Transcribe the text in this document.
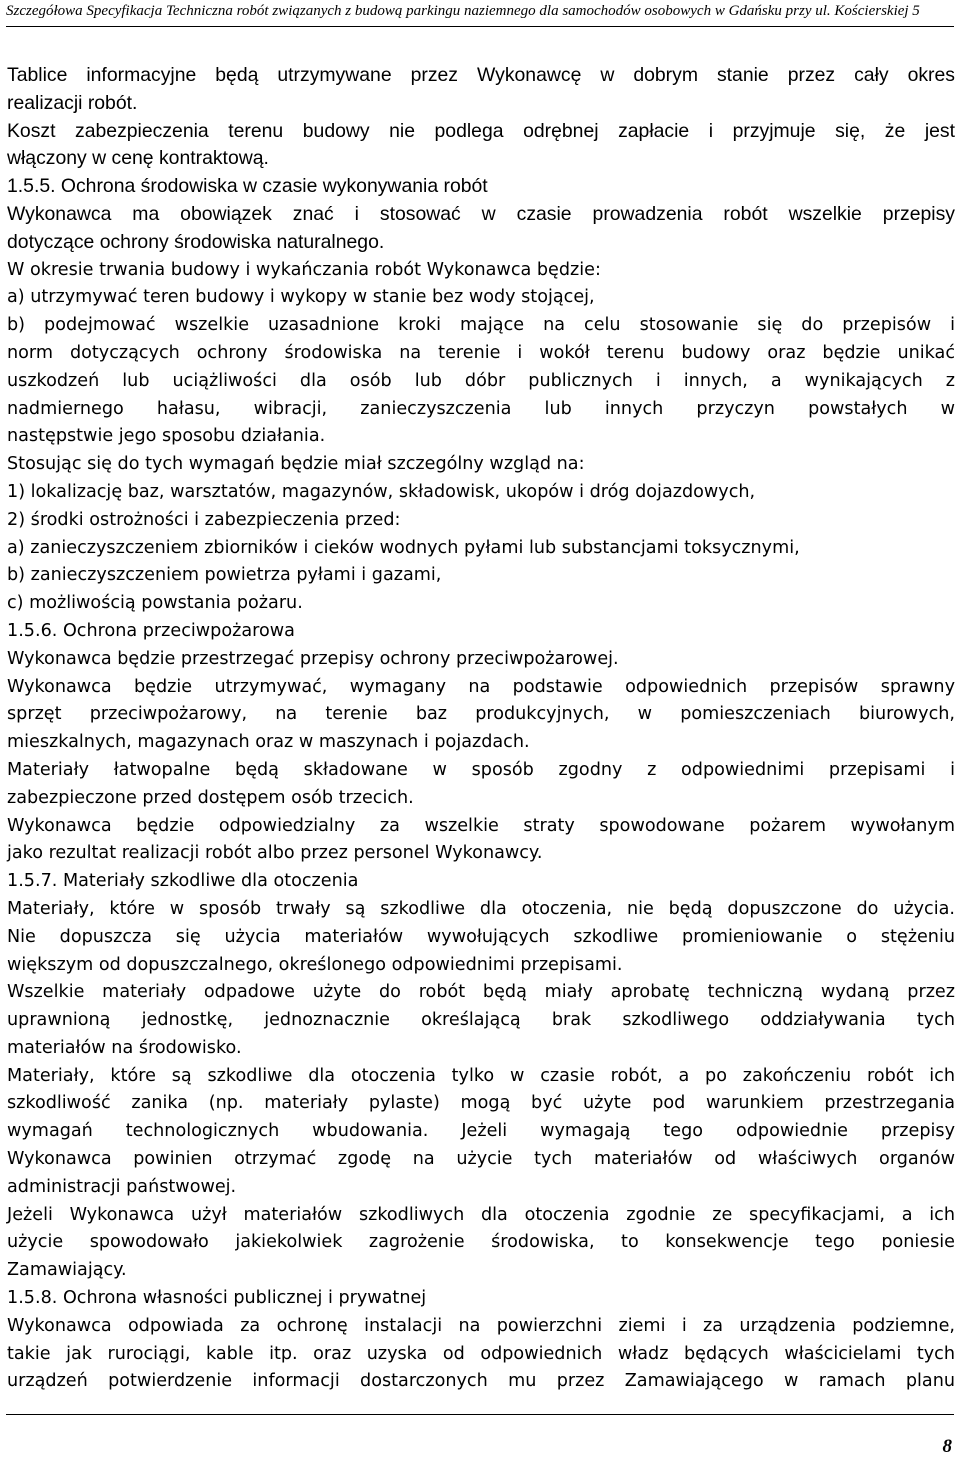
Szczegółowa Specyfikacja Techniczna robót związanych z budową parkingu naziemnego dla samochodów osobowych w Gdańsku przy ul. Kościerskiej 5
Tablice informacyjne będą utrzymywane przez Wykonawcę w dobrym stanie przez cały okres
realizacji robót.
Koszt zabezpieczenia terenu budowy nie podlega odrębnej zapłacie i przyjmuje się, że jest
włączony w cenę kontraktową.
1.5.5. Ochrona środowiska w czasie wykonywania robót
Wykonawca ma obowiązek znać i stosować w czasie prowadzenia robót wszelkie przepisy
dotyczące ochrony środowiska naturalnego.
W okresie trwania budowy i wykańczania robót Wykonawca będzie:
a) utrzymywać teren budowy i wykopy w stanie bez wody stojącej,
b) podejmować wszelkie uzasadnione kroki mające na celu stosowanie się do przepisów i
norm dotyczących ochrony środowiska na terenie i wokół terenu budowy oraz będzie unikać
uszkodzeń lub uciążliwości dla osób lub dóbr publicznych i innych, a wynikających z
nadmiernego hałasu, wibracji, zanieczyszczenia lub innych przyczyn powstałych w
następstwie jego sposobu działania.
Stosując się do tych wymagań będzie miał szczególny wzgląd na:
1) lokalizację baz, warsztatów, magazynów, składowisk, ukopów i dróg dojazdowych,
2) środki ostrożności i zabezpieczenia przed:
a) zanieczyszczeniem zbiorników i cieków wodnych pyłami lub substancjami toksycznymi,
b) zanieczyszczeniem powietrza pyłami i gazami,
c) możliwością powstania pożaru.
1.5.6. Ochrona przeciwpożarowa
Wykonawca będzie przestrzegać przepisy ochrony przeciwpożarowej.
Wykonawca będzie utrzymywać, wymagany na podstawie odpowiednich przepisów sprawny
sprzęt przeciwpożarowy, na terenie baz produkcyjnych, w pomieszczeniach biurowych,
mieszkalnych, magazynach oraz w maszynach i pojazdach.
Materiały łatwopalne będą składowane w sposób zgodny z odpowiednimi przepisami i
zabezpieczone przed dostępem osób trzecich.
Wykonawca będzie odpowiedzialny za wszelkie straty spowodowane pożarem wywołanym
jako rezultat realizacji robót albo przez personel Wykonawcy.
1.5.7. Materiały szkodliwe dla otoczenia
Materiały, które w sposób trwały są szkodliwe dla otoczenia, nie będą dopuszczone do użycia.
Nie dopuszcza się użycia materiałów wywołujących szkodliwe promieniowanie o stężeniu
większym od dopuszczalnego, określonego odpowiednimi przepisami.
Wszelkie materiały odpadowe użyte do robót będą miały aprobatę techniczną wydaną przez
uprawnioną jednostkę, jednoznacznie określającą brak szkodliwego oddziaływania tych
materiałów na środowisko.
Materiały, które są szkodliwe dla otoczenia tylko w czasie robót, a po zakończeniu robót ich
szkodliwość zanika (np. materiały pylaste) mogą być użyte pod warunkiem przestrzegania
wymagań technologicznych wbudowania. Jeżeli wymagają tego odpowiednie przepisy
Wykonawca powinien otrzymać zgodę na użycie tych materiałów od właściwych organów
administracji państwowej.
Jeżeli Wykonawca użył materiałów szkodliwych dla otoczenia zgodnie ze specyfikacjami, a ich
użycie spowodowało jakiekolwiek zagrożenie środowiska, to konsekwencje tego poniesie
Zamawiający.
1.5.8. Ochrona własności publicznej i prywatnej
Wykonawca odpowiada za ochronę instalacji na powierzchni ziemi i za urządzenia podziemne,
takie jak rurociągi, kable itp. oraz uzyska od odpowiednich władz będących właścicielami tych
urządzeń potwierdzenie informacji dostarczonych mu przez Zamawiającego w ramach planu
8
